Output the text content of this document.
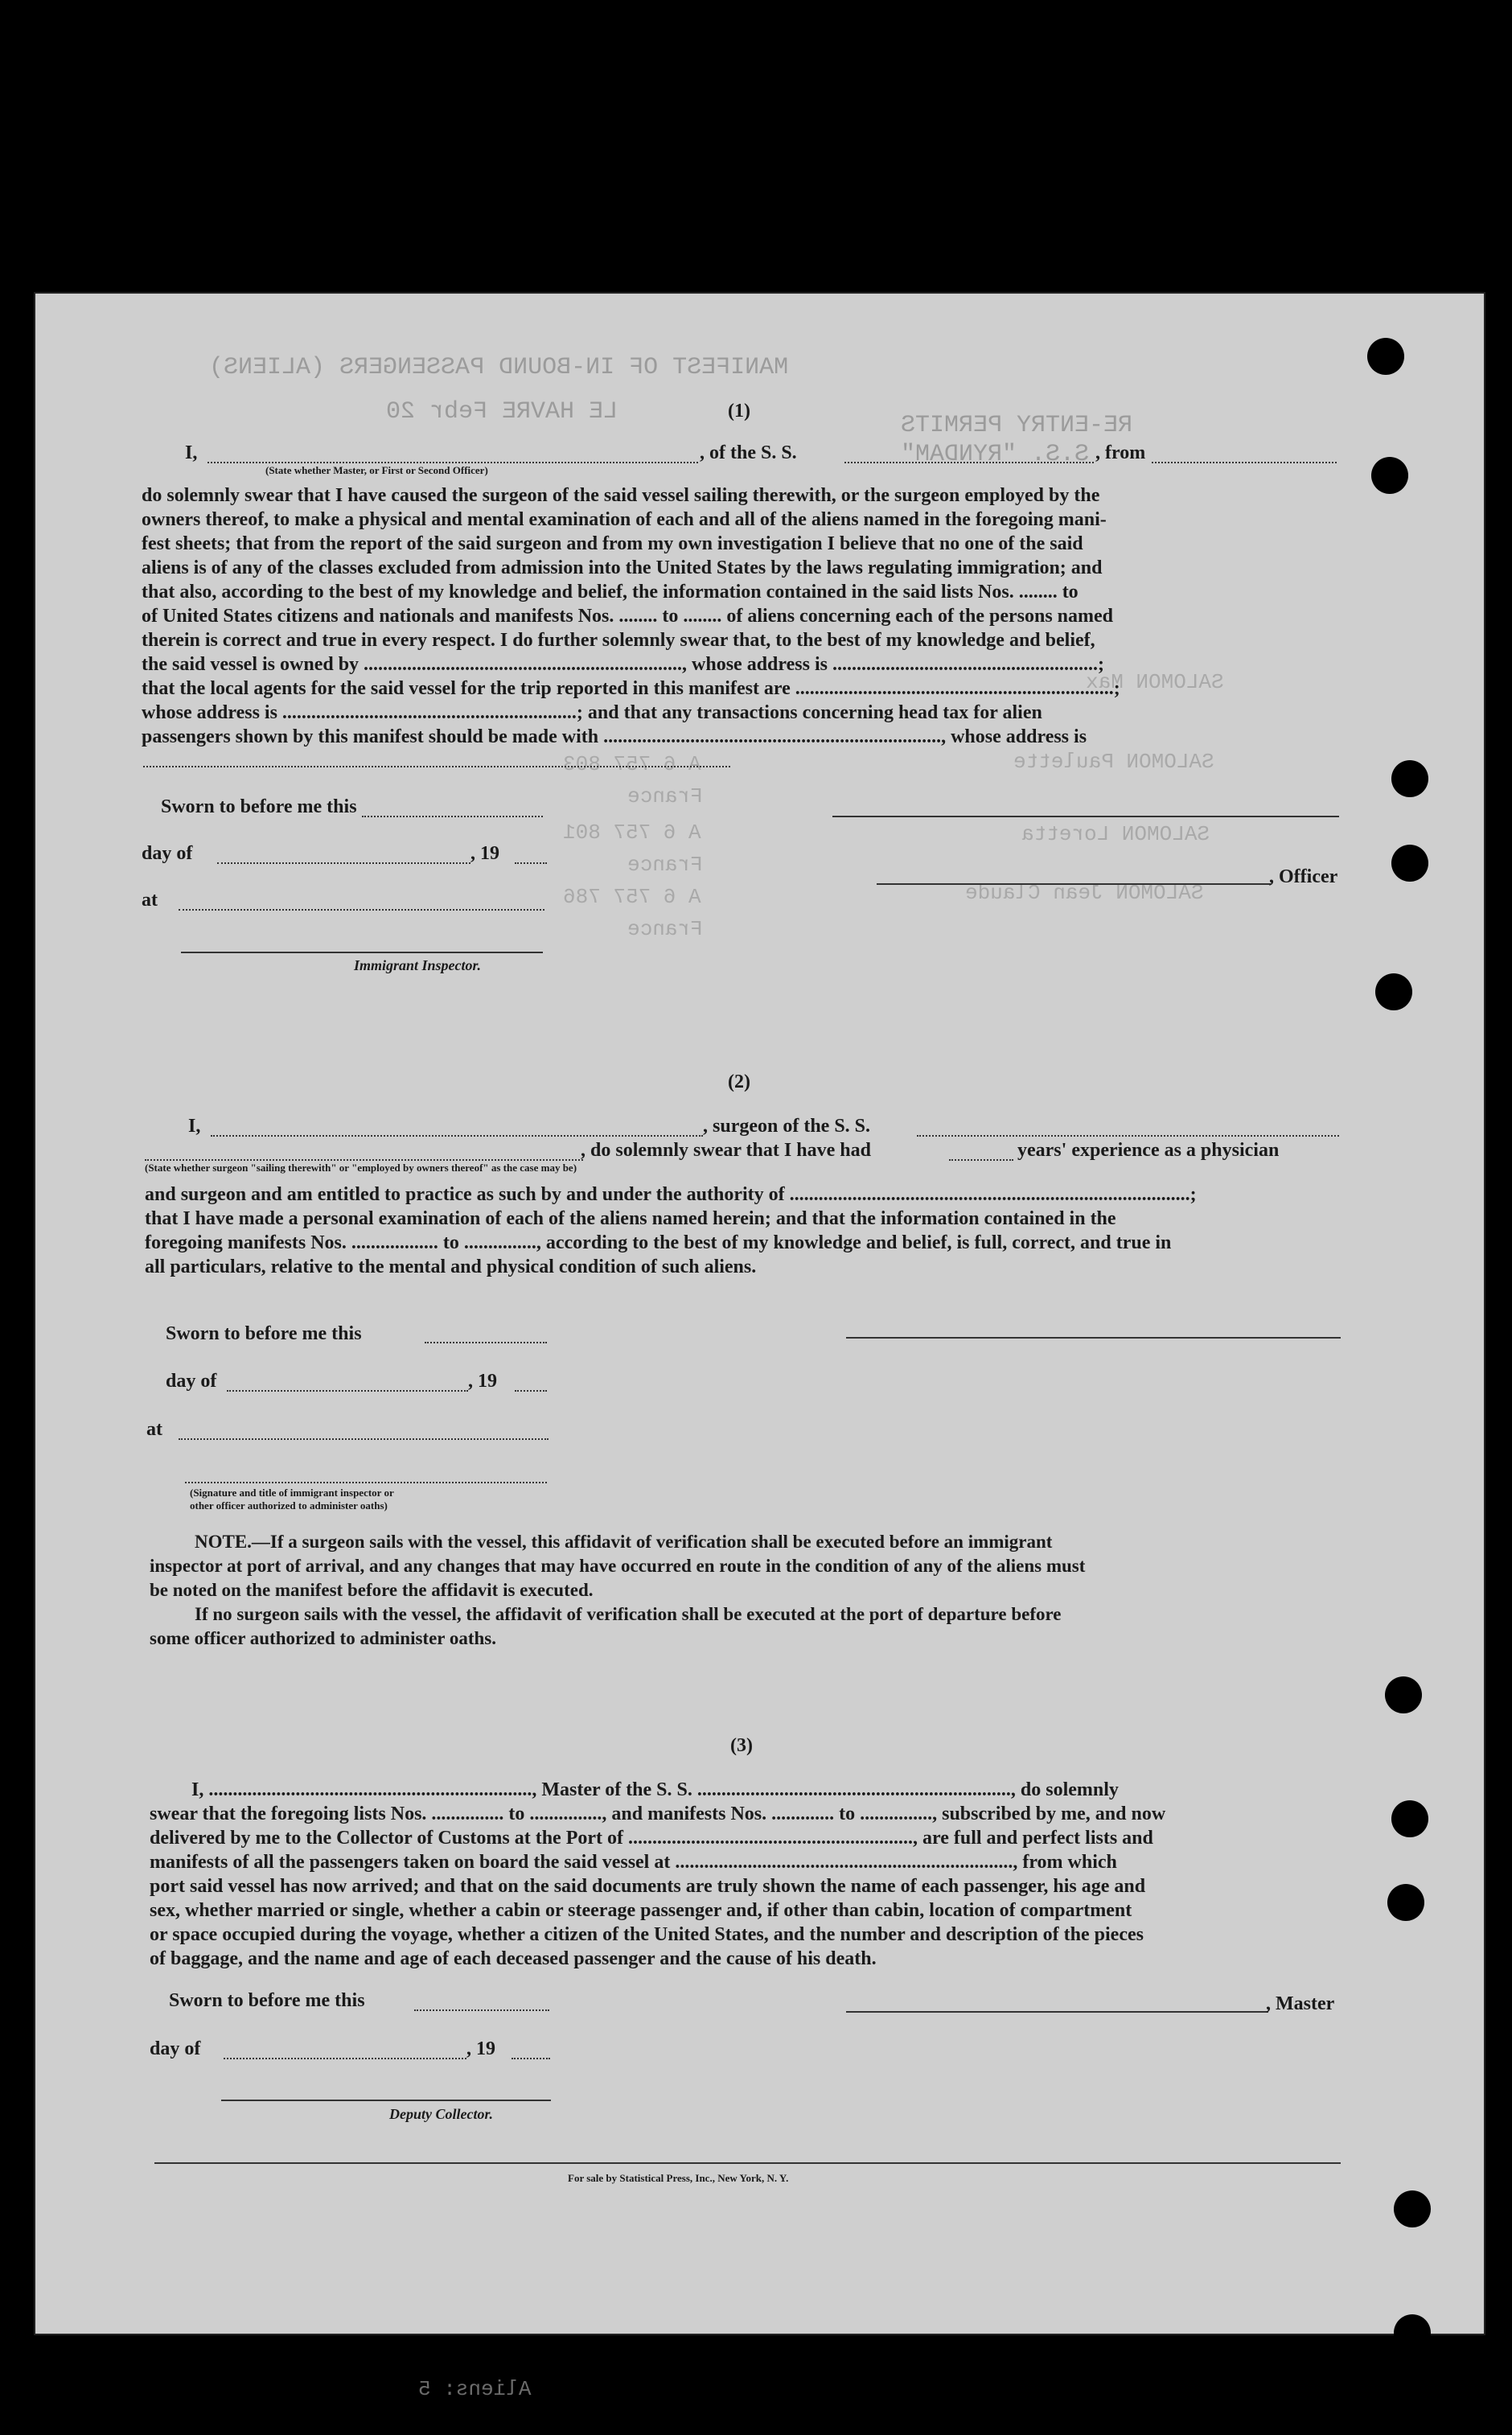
MANIFEST OF IN-BOUND PASSENGERS (ALIENS)
LE HAVRE Febr 20	RE-ENTRY PERMITS
S.S. "RYNDAM"
SALOMON Max
SALOMON Paulette
SALOMON Loretta
SALOMON Jean Claude
A 6 757 803
France
A 6 757 801
France
A 6 757 786
France
Aliens: 5
(1)
I,
(State whether Master, or First or Second Officer)
, of the S. S.	, from
do solemnly swear that I have caused the surgeon of the said vessel sailing therewith, or the surgeon employed by the
owners thereof, to make a physical and mental examination of each and all of the aliens named in the foregoing mani-
fest sheets; that from the report of the said surgeon and from my own investigation I believe that no one of the said
aliens is of any of the classes excluded from admission into the United States by the laws regulating immigration; and
that also, according to the best of my knowledge and belief, the information contained in the said lists Nos. ........ to
of United States citizens and nationals and manifests Nos. ........ to ........ of aliens concerning each of the persons named
therein is correct and true in every respect. I do further solemnly swear that, to the best of my knowledge and belief,
the said vessel is owned by .................................................................., whose address is .......................................................;
that the local agents for the said vessel for the trip reported in this manifest are ..................................................................;
whose address is .............................................................; and that any transactions concerning head tax for alien
passengers shown by this manifest should be made with ......................................................................, whose address is
Sworn to before me this
day of	, 19
at
Immigrant Inspector.
, Officer
(2)
I,	, surgeon of the S. S.
(State whether surgeon "sailing therewith" or "employed by owners thereof" as the case may be)
, do solemnly swear that I have had	years' experience as a physician
and surgeon and am entitled to practice as such by and under the authority of ...................................................................................;
that I have made a personal examination of each of the aliens named herein; and that the information contained in the
foregoing manifests Nos. .................. to ..............., according to the best of my knowledge and belief, is full, correct, and true in
all particulars, relative to the mental and physical condition of such aliens.
Sworn to before me this
day of	, 19
at
(Signature and title of immigrant inspector or
other officer authorized to administer oaths)
NOTE.—If a surgeon sails with the vessel, this affidavit of verification shall be executed before an immigrant
inspector at port of arrival, and any changes that may have occurred en route in the condition of any of the aliens must
be noted on the manifest before the affidavit is executed.
If no surgeon sails with the vessel, the affidavit of verification shall be executed at the port of departure before
some officer authorized to administer oaths.
(3)
I, ..................................................................., Master of the S. S. ................................................................., do solemnly
swear that the foregoing lists Nos. ............... to ..............., and manifests Nos. ............. to ..............., subscribed by me, and now
delivered by me to the Collector of Customs at the Port of ..........................................................., are full and perfect lists and
manifests of all the passengers taken on board the said vessel at ......................................................................, from which
port said vessel has now arrived; and that on the said documents are truly shown the name of each passenger, his age and
sex, whether married or single, whether a cabin or steerage passenger and, if other than cabin, location of compartment
or space occupied during the voyage, whether a citizen of the United States, and the number and description of the pieces
of baggage, and the name and age of each deceased passenger and the cause of his death.
Sworn to before me this
day of	, 19
Deputy Collector.
, Master
For sale by Statistical Press, Inc., New York, N. Y.
